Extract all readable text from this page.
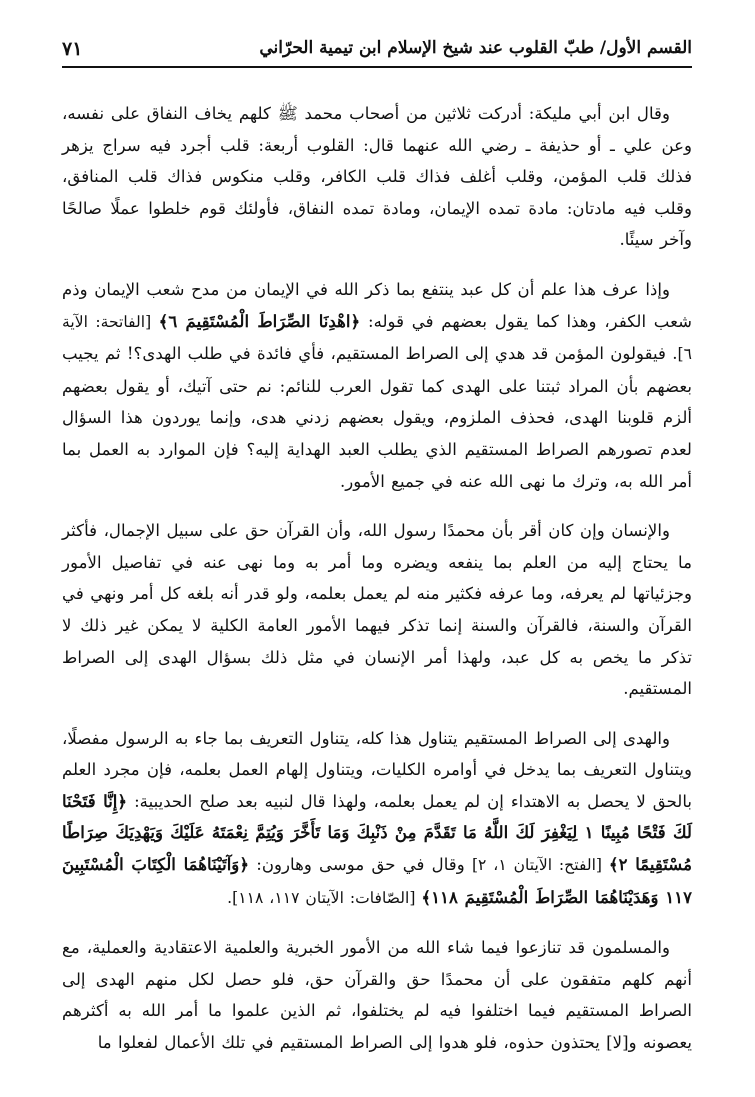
القسم الأول/ طبّ القلوب عند شيخ الإسلام ابن تيمية الحرّاني
٧١

وقال ابن أبي مليكة: أدركت ثلاثين من أصحاب محمد ﷺ كلهم يخاف النفاق على نفسه، وعن علي ـ أو حذيفة ـ رضي الله عنهما قال: القلوب أربعة: قلب أجرد فيه سراج يزهر فذلك قلب المؤمن، وقلب أغلف فذاك قلب الكافر، وقلب منكوس فذاك قلب المنافق، وقلب فيه مادتان: مادة تمده الإيمان، ومادة تمده النفاق، فأولئك قوم خلطوا عملًا صالحًا وآخر سيئًا.

وإذا عرف هذا علم أن كل عبد ينتفع بما ذكر الله في الإيمان من مدح شعب الإيمان وذم شعب الكفر، وهذا كما يقول بعضهم في قوله: ﴿اهْدِنَا الصِّرَاطَ الْمُسْتَقِيمَ ٦﴾ [الفاتحة: الآية ٦]. فيقولون المؤمن قد هدي إلى الصراط المستقيم، فأي فائدة في طلب الهدى؟! ثم يجيب بعضهم بأن المراد ثبتنا على الهدى كما تقول العرب للنائم: نم حتى آتيك، أو يقول بعضهم ألزم قلوبنا الهدى، فحذف الملزوم، ويقول بعضهم زدني هدى، وإنما يوردون هذا السؤال لعدم تصورهم الصراط المستقيم الذي يطلب العبد الهداية إليه؟ فإن الموارد به العمل بما أمر الله به، وترك ما نهى الله عنه في جميع الأمور.

والإنسان وإن كان أقر بأن محمدًا رسول الله، وأن القرآن حق على سبيل الإجمال، فأكثر ما يحتاج إليه من العلم بما ينفعه ويضره وما أمر به وما نهى عنه في تفاصيل الأمور وجزئياتها لم يعرفه، وما عرفه فكثير منه لم يعمل بعلمه، ولو قدر أنه بلغه كل أمر ونهي في القرآن والسنة، فالقرآن والسنة إنما تذكر فيهما الأمور العامة الكلية لا يمكن غير ذلك لا تذكر ما يخص به كل عبد، ولهذا أمر الإنسان في مثل ذلك بسؤال الهدى إلى الصراط المستقيم.

والهدى إلى الصراط المستقيم يتناول هذا كله، يتناول التعريف بما جاء به الرسول مفصلًا، ويتناول التعريف بما يدخل في أوامره الكليات، ويتناول إلهام العمل بعلمه، فإن مجرد العلم بالحق لا يحصل به الاهتداء إن لم يعمل بعلمه، ولهذا قال لنبيه بعد صلح الحديبية: ﴿إِنَّا فَتَحْنَا لَكَ فَتْحًا مُبِينًا ١ لِيَغْفِرَ لَكَ اللَّهُ مَا تَقَدَّمَ مِنْ ذَنْبِكَ وَمَا تَأَخَّرَ وَيُتِمَّ نِعْمَتَهُ عَلَيْكَ وَيَهْدِيَكَ صِرَاطًا مُسْتَقِيمًا ٢﴾ [الفتح: الآيتان ١، ٢] وقال في حق موسى وهارون: ﴿وَآتَيْنَاهُمَا الْكِتَابَ الْمُسْتَبِينَ ١١٧ وَهَدَيْنَاهُمَا الصِّرَاطَ الْمُسْتَقِيمَ ١١٨﴾ [الصّافات: الآيتان ١١٧، ١١٨].

والمسلمون قد تنازعوا فيما شاء الله من الأمور الخبرية والعلمية الاعتقادية والعملية، مع أنهم كلهم متفقون على أن محمدًا حق والقرآن حق، فلو حصل لكل منهم الهدى إلى الصراط المستقيم فيما اختلفوا فيه لم يختلفوا، ثم الذين علموا ما أمر الله به أكثرهم يعصونه و[لا] يحتذون حذوه، فلو هدوا إلى الصراط المستقيم في تلك الأعمال لفعلوا ما
